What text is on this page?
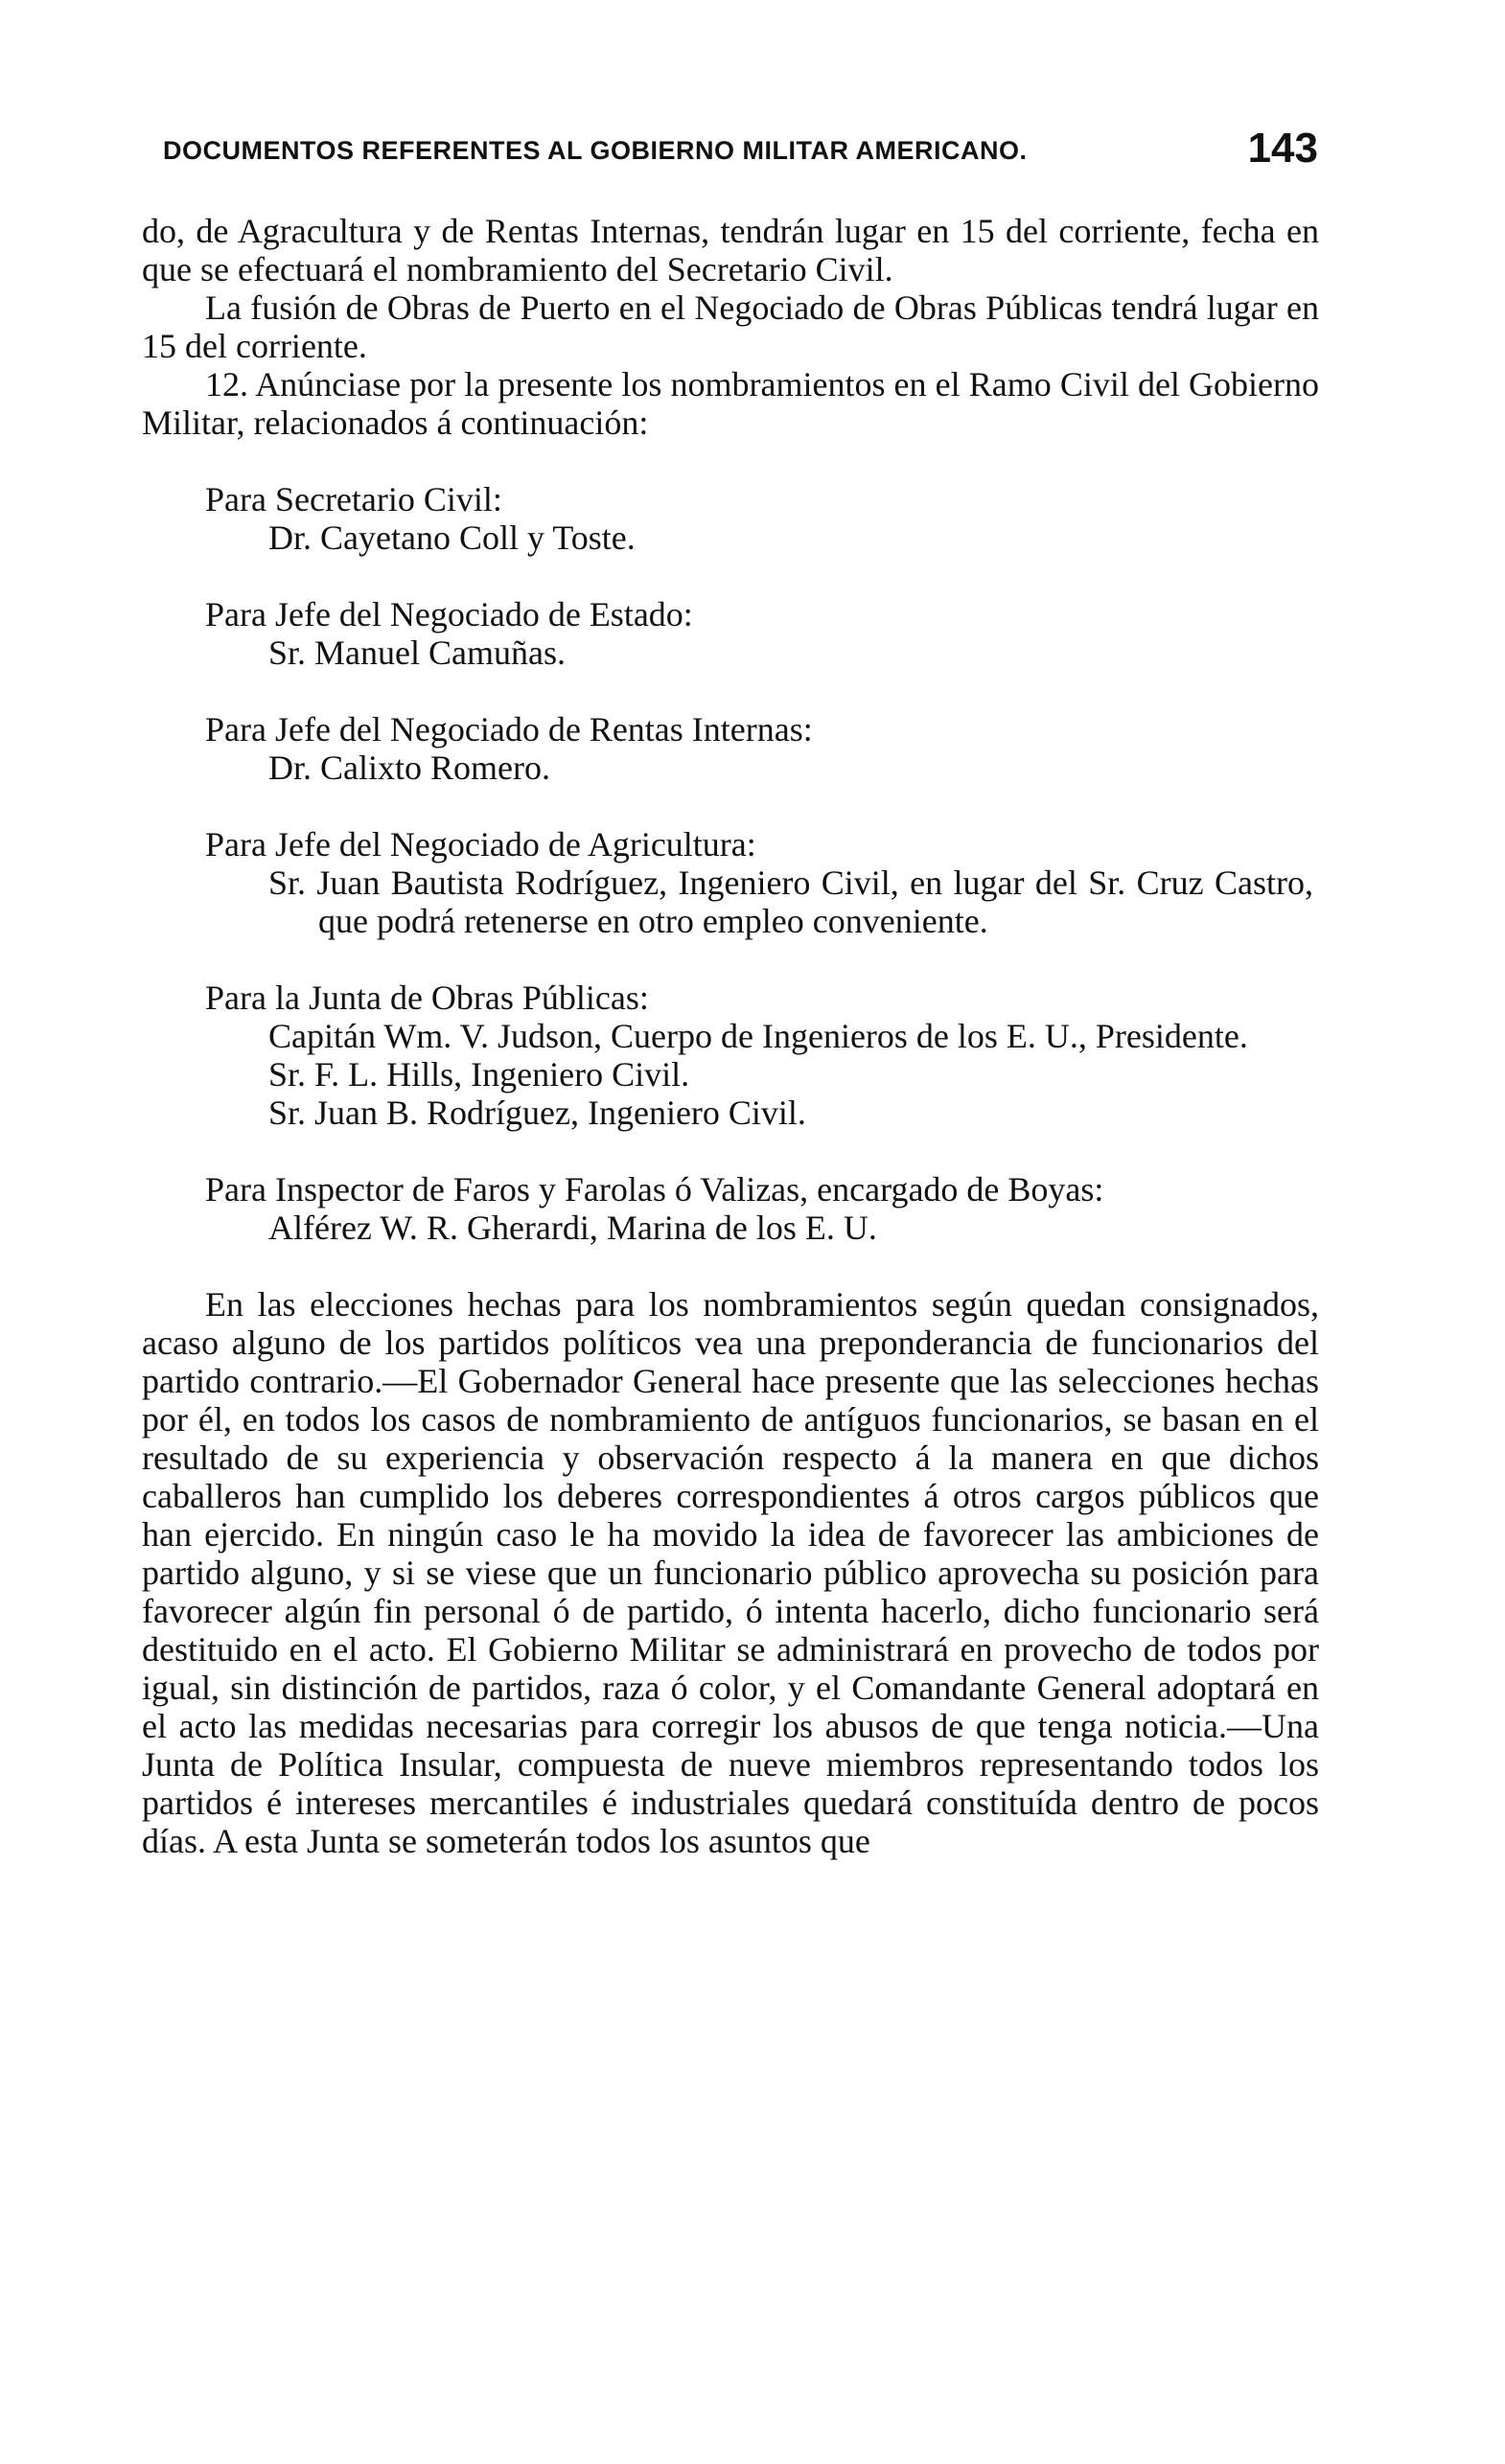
DOCUMENTOS REFERENTES AL GOBIERNO MILITAR AMERICANO.	143

do, de Agracultura y de Rentas Internas, tendrán lugar en 15 del corriente, fecha en que se efectuará el nombramiento del Secretario Civil.

La fusión de Obras de Puerto en el Negociado de Obras Públicas tendrá lugar en 15 del corriente.

12. Anúnciase por la presente los nombramientos en el Ramo Civil del Gobierno Militar, relacionados á continuación:

Para Secretario Civil:

Dr. Cayetano Coll y Toste.

Para Jefe del Negociado de Estado:

Sr. Manuel Camuñas.

Para Jefe del Negociado de Rentas Internas:

Dr. Calixto Romero.

Para Jefe del Negociado de Agricultura:

Sr. Juan Bautista Rodríguez, Ingeniero Civil, en lugar del Sr. Cruz Castro, que podrá retenerse en otro empleo conveniente.

Para la Junta de Obras Públicas:

Capitán Wm. V. Judson, Cuerpo de Ingenieros de los E. U., Presidente.

Sr. F. L. Hills, Ingeniero Civil.

Sr. Juan B. Rodríguez, Ingeniero Civil.

Para Inspector de Faros y Farolas ó Valizas, encargado de Boyas:

Alférez W. R. Gherardi, Marina de los E. U.

En las elecciones hechas para los nombramientos según quedan consignados, acaso alguno de los partidos políticos vea una preponderancia de funcionarios del partido contrario.—El Gobernador General hace presente que las selecciones hechas por él, en todos los casos de nombramiento de antíguos funcionarios, se basan en el resultado de su experiencia y observación respecto á la manera en que dichos caballeros han cumplido los deberes correspondientes á otros cargos públicos que han ejercido. En ningún caso le ha movido la idea de favorecer las ambiciones de partido alguno, y si se viese que un funcionario público aprovecha su posición para favorecer algún fin personal ó de partido, ó intenta hacerlo, dicho funcionario será destituido en el acto. El Gobierno Militar se administrará en provecho de todos por igual, sin distinción de partidos, raza ó color, y el Comandante General adoptará en el acto las medidas necesarias para corregir los abusos de que tenga noticia.—Una Junta de Política Insular, compuesta de nueve miembros representando todos los partidos é intereses mercantiles é industriales quedará constituída dentro de pocos días. A esta Junta se someterán todos los asuntos que
